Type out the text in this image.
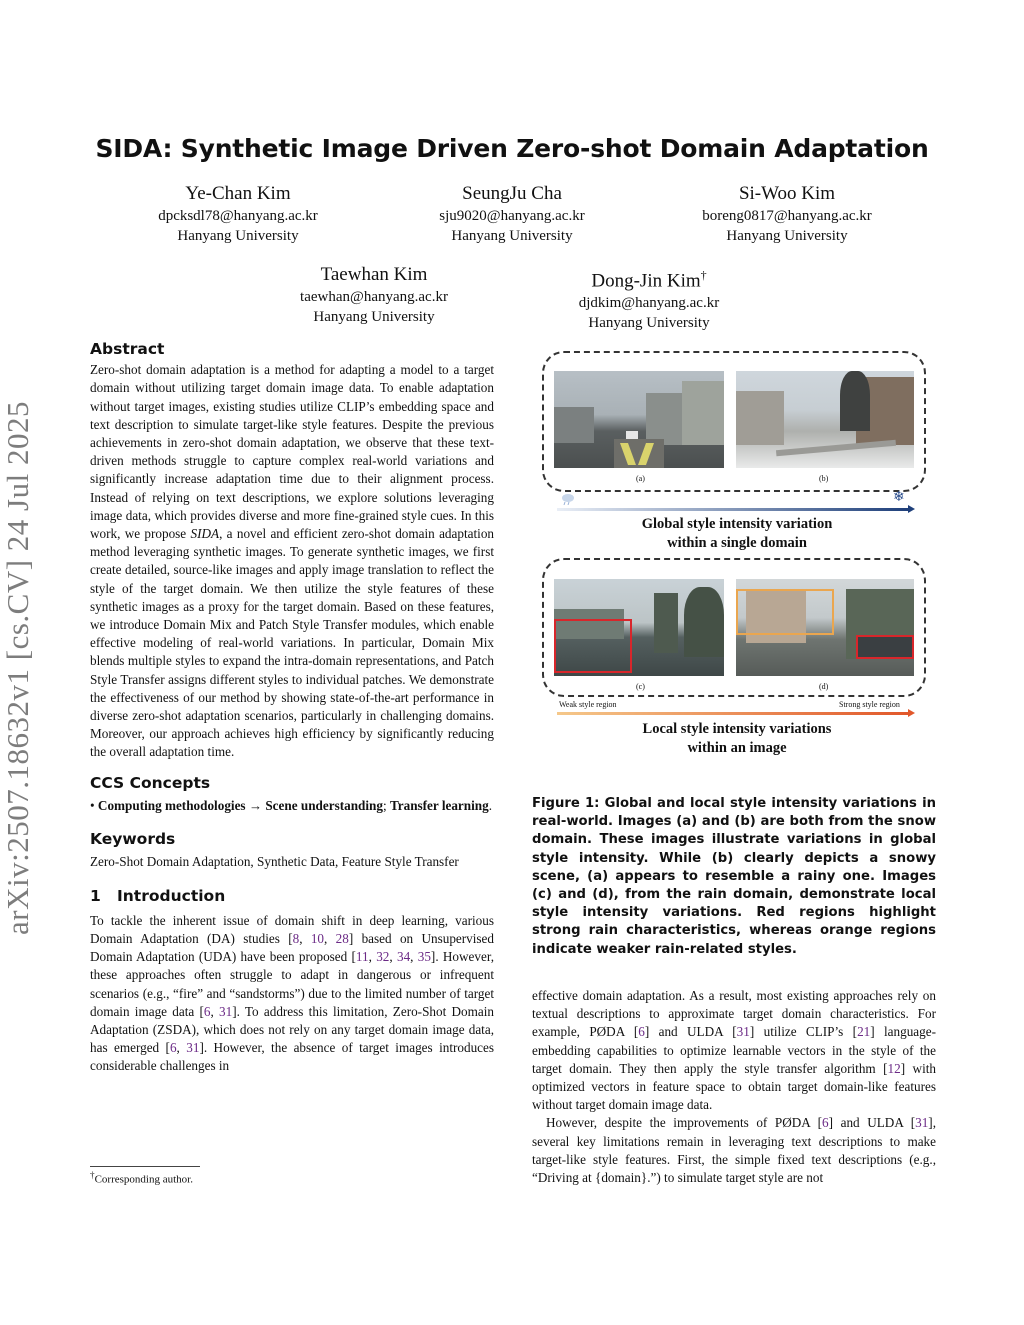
arXiv:2507.18632v1 [cs.CV] 24 Jul 2025
SIDA: Synthetic Image Driven Zero-shot Domain Adaptation
Ye-Chan Kim
dpcksdl78@hanyang.ac.kr
Hanyang University
SeungJu Cha
sju9020@hanyang.ac.kr
Hanyang University
Si-Woo Kim
boreng0817@hanyang.ac.kr
Hanyang University
Taewhan Kim
taewhan@hanyang.ac.kr
Hanyang University
Dong-Jin Kim†
djdkim@hanyang.ac.kr
Hanyang University
Abstract

Zero-shot domain adaptation is a method for adapting a model to a target domain without utilizing target domain image data. To enable adaptation without target images, existing studies utilize CLIP’s embedding space and text description to simulate target-like style features. Despite the previous achievements in zero-shot domain adaptation, we observe that these text-driven methods struggle to capture complex real-world variations and significantly increase adaptation time due to their alignment process. Instead of relying on text descriptions, we explore solutions leveraging image data, which provides diverse and more fine-grained style cues. In this work, we propose SIDA, a novel and efficient zero-shot domain adaptation method leveraging synthetic images. To generate synthetic images, we first create detailed, source-like images and apply image translation to reflect the style of the target domain. We then utilize the style features of these synthetic images as a proxy for the target domain. Based on these features, we introduce Domain Mix and Patch Style Transfer modules, which enable effective modeling of real-world variations. In particular, Domain Mix blends multiple styles to expand the intra-domain representations, and Patch Style Transfer assigns different styles to individual patches. We demonstrate the effectiveness of our method by showing state-of-the-art performance in diverse zero-shot adaptation scenarios, particularly in challenging domains. Moreover, our approach achieves high efficiency by significantly reducing the overall adaptation time.

CCS Concepts

• Computing methodologies → Scene understanding; Transfer learning.

Keywords

Zero-Shot Domain Adaptation, Synthetic Data, Feature Style Transfer

1 Introduction

To tackle the inherent issue of domain shift in deep learning, various Domain Adaptation (DA) studies [8, 10, 28] based on Unsupervised Domain Adaptation (UDA) have been proposed [11, 32, 34, 35]. However, these approaches often struggle to adapt in dangerous or infrequent scenarios (e.g., “fire” and “sandstorms”) due to the limited number of target domain image data [6, 31]. To address this limitation, Zero-Shot Domain Adaptation (ZSDA), which does not rely on any target domain image data, has emerged [6, 31]. However, the absence of target images introduces considerable challenges in

†Corresponding author.
(a)	(b)
❄
Global style intensity variation
within a single domain
(c)	(d)
Weak style region	Strong style region
Local style intensity variations
within an image
Figure 1: Global and local style intensity variations in real-world. Images (a) and (b) are both from the snow domain. These images illustrate variations in global style intensity. While (b) clearly depicts a snowy scene, (a) appears to resemble a rainy one. Images (c) and (d), from the rain domain, demonstrate local style intensity variations. Red regions highlight strong rain characteristics, whereas orange regions indicate weaker rain-related styles.

effective domain adaptation. As a result, most existing approaches rely on textual descriptions to approximate target domain characteristics. For example, PØDA [6] and ULDA [31] utilize CLIP’s [21] language-embedding capabilities to optimize learnable vectors in the style of the target domain. They then apply the style transfer algorithm [12] with optimized vectors in feature space to obtain target domain-like features without target domain image data.

However, despite the improvements of PØDA [6] and ULDA [31], several key limitations remain in leveraging text descriptions to make target-like style features. First, the simple fixed text descriptions (e.g., “Driving at {domain}.”) to simulate target style are not
